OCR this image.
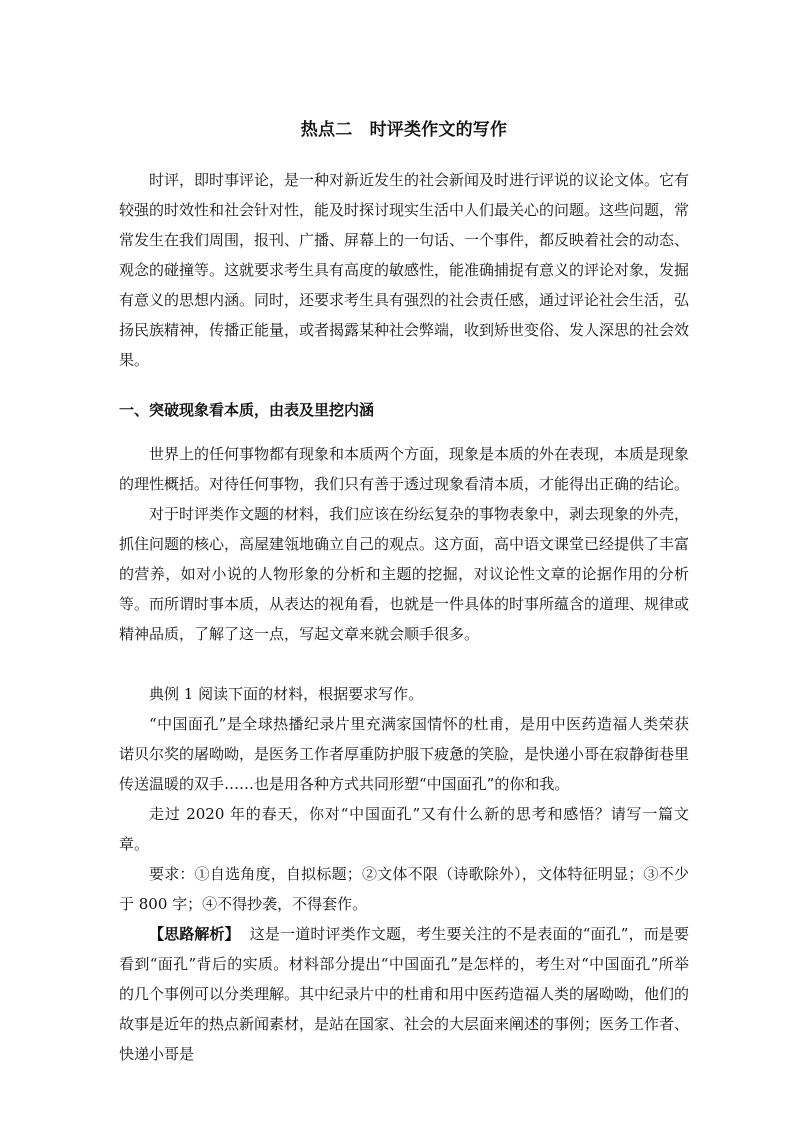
热点二　时评类作文的写作

时评，即时事评论，是一种对新近发生的社会新闻及时进行评说的议论文体。它有较强的时效性和社会针对性，能及时探讨现实生活中人们最关心的问题。这些问题，常常发生在我们周围，报刊、广播、屏幕上的一句话、一个事件，都反映着社会的动态、观念的碰撞等。这就要求考生具有高度的敏感性，能准确捕捉有意义的评论对象，发掘有意义的思想内涵。同时，还要求考生具有强烈的社会责任感，通过评论社会生活，弘扬民族精神，传播正能量，或者揭露某种社会弊端，收到矫世变俗、发人深思的社会效果。

一、突破现象看本质，由表及里挖内涵

世界上的任何事物都有现象和本质两个方面，现象是本质的外在表现，本质是现象的理性概括。对待任何事物，我们只有善于透过现象看清本质，才能得出正确的结论。

对于时评类作文题的材料，我们应该在纷纭复杂的事物表象中，剥去现象的外壳，抓住问题的核心，高屋建瓴地确立自己的观点。这方面，高中语文课堂已经提供了丰富的营养，如对小说的人物形象的分析和主题的挖掘，对议论性文章的论据作用的分析等。而所谓时事本质，从表达的视角看，也就是一件具体的时事所蕴含的道理、规律或精神品质，了解了这一点，写起文章来就会顺手很多。

典例 1 阅读下面的材料，根据要求写作。

“中国面孔”是全球热播纪录片里充满家国情怀的杜甫，是用中医药造福人类荣获诺贝尔奖的屠呦呦，是医务工作者厚重防护服下疲惫的笑脸，是快递小哥在寂静街巷里传送温暖的双手……也是用各种方式共同形塑“中国面孔”的你和我。

走过 2020 年的春天，你对“中国面孔”又有什么新的思考和感悟？请写一篇文章。

要求：①自选角度，自拟标题；②文体不限（诗歌除外），文体特征明显；③不少于 800 字；④不得抄袭，不得套作。

【思路解析】 这是一道时评类作文题，考生要关注的不是表面的“面孔”，而是要看到“面孔”背后的实质。材料部分提出“中国面孔”是怎样的，考生对“中国面孔”所举的几个事例可以分类理解。其中纪录片中的杜甫和用中医药造福人类的屠呦呦，他们的故事是近年的热点新闻素材，是站在国家、社会的大层面来阐述的事例；医务工作者、快递小哥是
